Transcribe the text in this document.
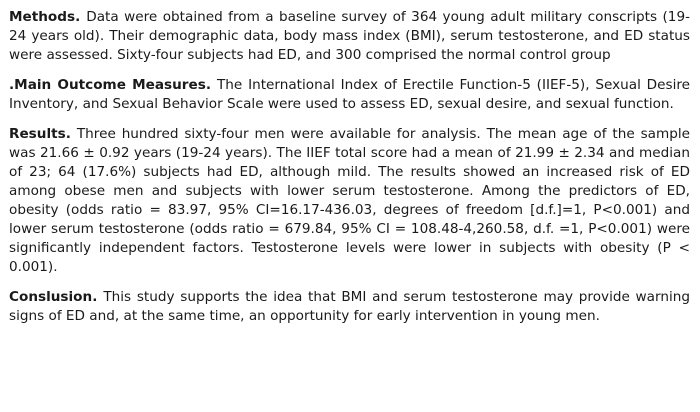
Methods. Data were obtained from a baseline survey of 364 young adult military conscripts (19-24 years old). Their demographic data, body mass index (BMI), serum testosterone, and ED status were assessed. Sixty-four subjects had ED, and 300 comprised the normal control group

.Main Outcome Measures. The International Index of Erectile Function-5 (IIEF-5), Sexual Desire Inventory, and Sexual Behavior Scale were used to assess ED, sexual desire, and sexual function.

Results. Three hundred sixty-four men were available for analysis. The mean age of the sample was 21.66 ± 0.92 years (19-24 years). The IIEF total score had a mean of 21.99 ± 2.34 and median of 23; 64 (17.6%) subjects had ED, although mild. The results showed an increased risk of ED among obese men and subjects with lower serum testosterone. Among the predictors of ED, obesity (odds ratio = 83.97, 95% CI=16.17-436.03, degrees of freedom [d.f.]=1, P<0.001) and lower serum testosterone (odds ratio = 679.84, 95% CI = 108.48-4,260.58, d.f. =1, P<0.001) were significantly independent factors. Testosterone levels were lower in subjects with obesity (P < 0.001).

Conslusion. This study supports the idea that BMI and serum testosterone may provide warning signs of ED and, at the same time, an opportunity for early intervention in young men.
